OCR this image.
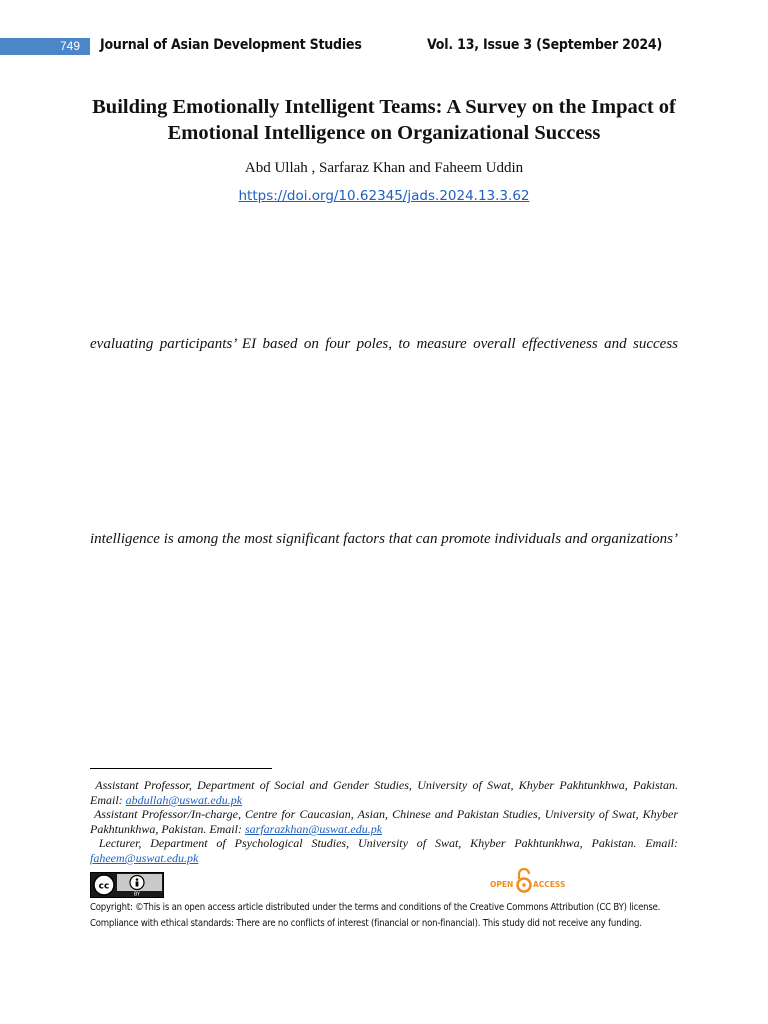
749	Journal of Asian Development Studies	Vol. 13, Issue 3 (September 2024)
Building Emotionally Intelligent Teams: A Survey on the Impact of Emotional Intelligence on Organizational Success
Abd Ullah , Sarfaraz Khan and Faheem Uddin
https://doi.org/10.62345/jads.2024.13.3.62
evaluating participants’ EI based on four poles, to measure overall effectiveness and success
intelligence is among the most significant factors that can promote individuals and organizations’
Assistant Professor, Department of Social and Gender Studies, University of Swat, Khyber Pakhtunkhwa, Pakistan. Email: abdullah@uswat.edu.pk
Assistant Professor/In-charge, Centre for Caucasian, Asian, Chinese and Pakistan Studies, University of Swat, Khyber Pakhtunkhwa, Pakistan. Email: sarfarazkhan@uswat.edu.pk
Lecturer, Department of Psychological Studies, University of Swat, Khyber Pakhtunkhwa, Pakistan. Email: faheem@uswat.edu.pk
cc
BY
OPEN	ACCESS
Copyright: ©This is an open access article distributed under the terms and conditions of the Creative Commons Attribution (CC BY) license.
Compliance with ethical standards: There are no conflicts of interest (financial or non-financial). This study did not receive any funding.
